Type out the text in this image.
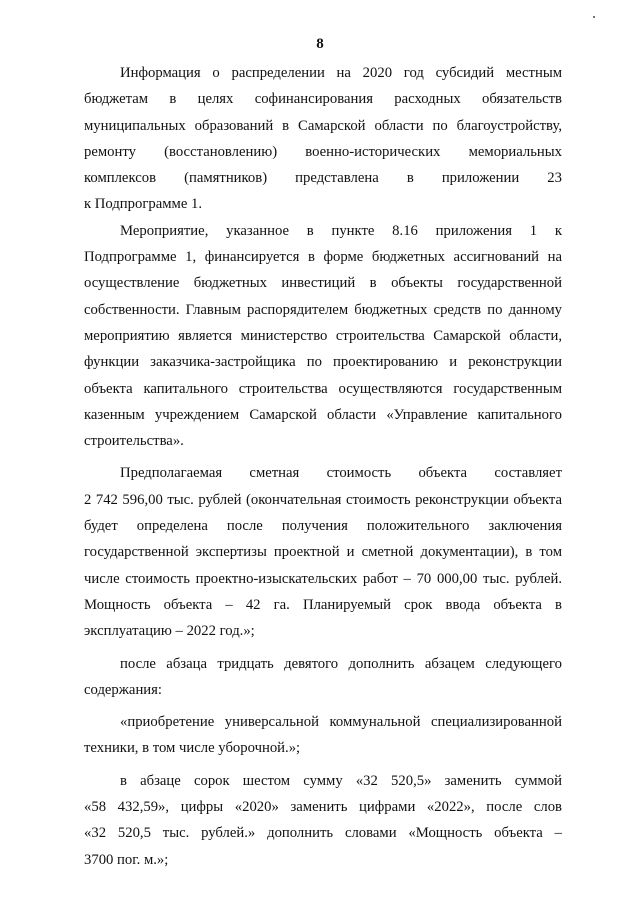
8
Информация о распределении на 2020 год субсидий местным
бюджетам в целях софинансирования расходных обязательств
муниципальных образований в Самарской области по благоустройству,
ремонту (восстановлению) военно-исторических мемориальных
комплексов (памятников) представлена в приложении 23
к Подпрограмме 1.
Мероприятие, указанное в пункте 8.16 приложения 1 к
Подпрограмме 1, финансируется в форме бюджетных ассигнований на
осуществление бюджетных инвестиций в объекты государственной
собственности. Главным распорядителем бюджетных средств по данному
мероприятию является министерство строительства Самарской области,
функции заказчика-застройщика по проектированию и реконструкции
объекта капитального строительства осуществляются государственным
казенным учреждением Самарской области «Управление капитального
строительства».
Предполагаемая сметная стоимость объекта составляет
2 742 596,00 тыс. рублей (окончательная стоимость реконструкции объекта
будет определена после получения положительного заключения
государственной экспертизы проектной и сметной документации), в том
числе стоимость проектно-изыскательских работ – 70 000,00 тыс. рублей.
Мощность объекта – 42 га. Планируемый срок ввода объекта в
эксплуатацию – 2022 год.»;
после абзаца тридцать девятого дополнить абзацем следующего
содержания:
«приобретение универсальной коммунальной специализированной
техники, в том числе уборочной.»;
в абзаце сорок шестом сумму «32 520,5» заменить суммой
«58 432,59», цифры «2020» заменить цифрами «2022», после слов
«32 520,5 тыс. рублей.» дополнить словами «Мощность объекта –
3700 пог. м.»;
